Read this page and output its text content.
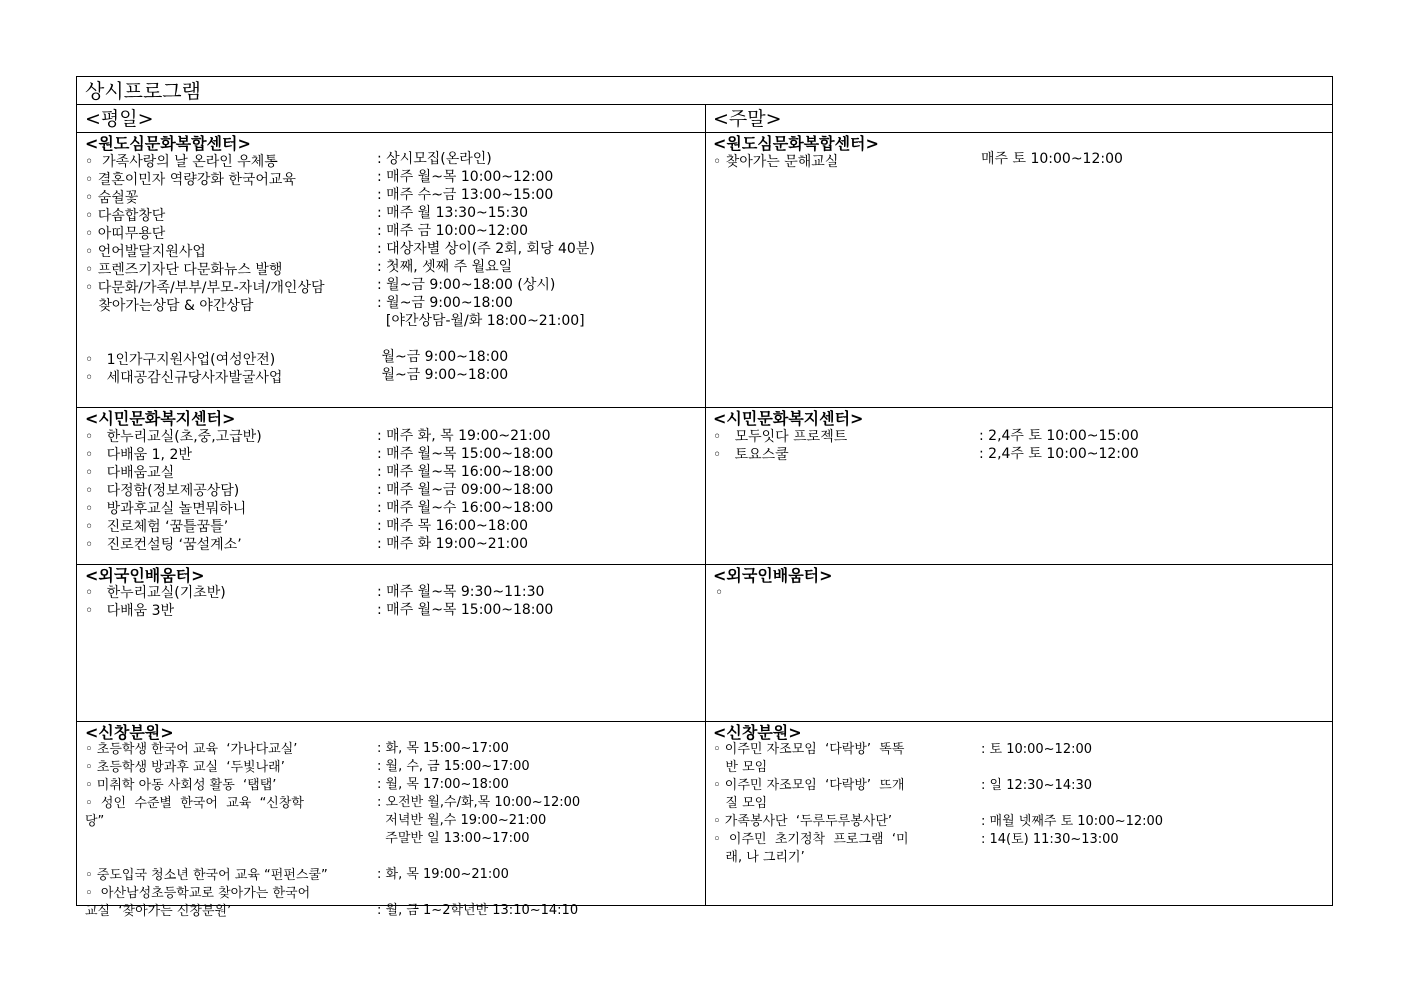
상시프로그램
<평일>	<주말>
<원도심문화복합센터>
◦  가족사랑의 날 온라인 우체통
◦ 결혼이민자 역량강화 한국어교육
◦ 숨쉴꽃
◦ 다솜합창단
◦ 아띠무용단
◦ 언어발달지원사업
◦ 프렌즈기자단 다문화뉴스 발행
◦ 다문화/가족/부부/부모-자녀/개인상담
찾아가는상담 & 야간상담
◦   1인가구지원사업(여성안전)
◦   세대공감신규당사자발굴사업
: 상시모집(온라인)
: 매주 월~목 10:00~12:00
: 매주 수~금 13:00~15:00
: 매주 월 13:30~15:30
: 매주 금 10:00~12:00
: 대상자별 상이(주 2회, 회당 40분)
: 첫째, 셋째 주 월요일
: 월~금 9:00~18:00 (상시)
: 월~금 9:00~18:00
[야간상담-월/화 18:00~21:00]
월~금 9:00~18:00
월~금 9:00~18:00
<원도심문화복합센터>
◦ 찾아가는 문해교실	매주 토 10:00~12:00
<시민문화복지센터>
◦   한누리교실(초,중,고급반)
◦   다배움 1, 2반
◦   다배움교실
◦   다정함(정보제공상담)
◦   방과후교실 놀면뭐하니
◦   진로체험 ‘꿈틀꿈틀’
◦   진로컨설팅 ‘꿈설계소’
: 매주 화, 목 19:00~21:00
: 매주 월~목 15:00~18:00
: 매주 월~목 16:00~18:00
: 매주 월~금 09:00~18:00
: 매주 월~수 16:00~18:00
: 매주 목 16:00~18:00
: 매주 화 19:00~21:00
<시민문화복지센터>
◦   모두잇다 프로젝트
◦   토요스쿨
: 2,4주 토 10:00~15:00
: 2,4주 토 10:00~12:00
<외국인배움터>
◦   한누리교실(기초반)
◦   다배움 3반
: 매주 월~목 9:30~11:30
: 매주 월~목 15:00~18:00
<외국인배움터>
◦
<신창분원>
◦ 초등학생 한국어 교육  ‘가나다교실’
◦ 초등학생 방과후 교실  ‘두빛나래’
◦ 미취학 아동 사회성 활동  ‘탭탭’
◦  성인  수준별  한국어  교육  “신창학
당”
◦ 중도입국 청소년 한국어 교육 “펀펀스쿨”
◦  아산남성초등학교로 찾아가는 한국어
교실  ‘찾아가는 신창분원’
: 화, 목 15:00~17:00
: 월, 수, 금 15:00~17:00
: 월, 목 17:00~18:00
: 오전반 월,수/화,목 10:00~12:00
저녁반 월,수 19:00~21:00
주말반 일 13:00~17:00
: 화, 목 19:00~21:00
: 월, 금 1~2학년반 13:10~14:10
<신창분원>
◦ 이주민 자조모임  ‘다락방’  똑똑
반 모임
◦ 이주민 자조모임  ‘다락방’  뜨개
질 모임
◦ 가족봉사단  ‘두루두루봉사단’
◦  이주민  초기정착  프로그램  ‘미
래, 나 그리기’
: 토 10:00~12:00
: 일 12:30~14:30
: 매월 넷째주 토 10:00~12:00
: 14(토) 11:30~13:00
